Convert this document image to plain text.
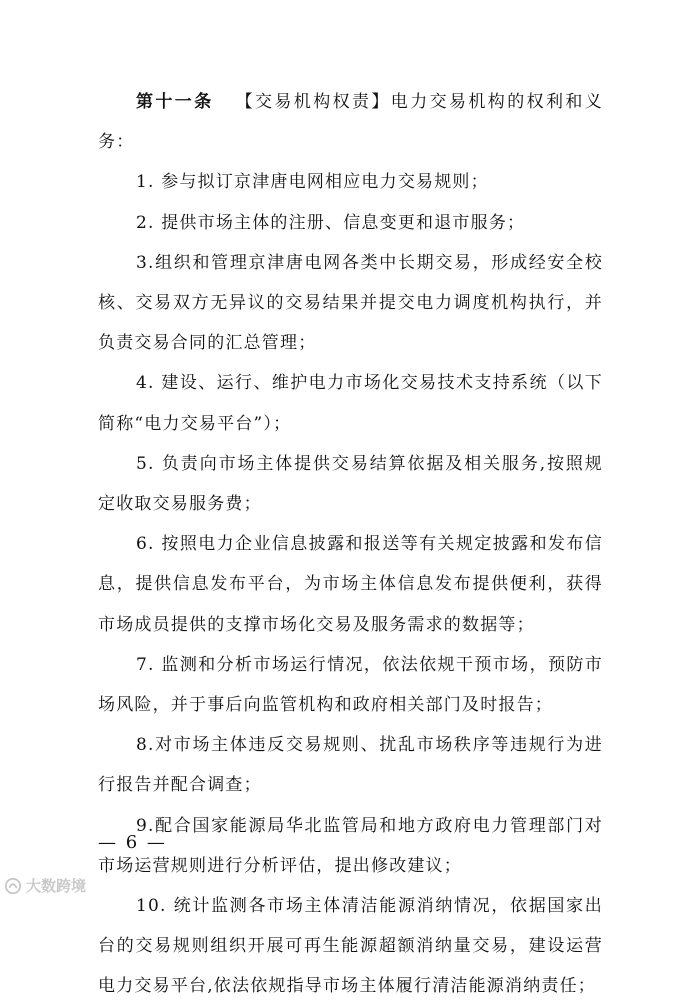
第十一条 【交易机构权责】电力交易机构的权利和义务：

1. 参与拟订京津唐电网相应电力交易规则；

2. 提供市场主体的注册、信息变更和退市服务；

3.组织和管理京津唐电网各类中长期交易，形成经安全校核、交易双方无异议的交易结果并提交电力调度机构执行，并负责交易合同的汇总管理；

4. 建设、运行、维护电力市场化交易技术支持系统（以下简称“电力交易平台”）；

5. 负责向市场主体提供交易结算依据及相关服务,按照规定收取交易服务费；

6. 按照电力企业信息披露和报送等有关规定披露和发布信息，提供信息发布平台，为市场主体信息发布提供便利，获得市场成员提供的支撑市场化交易及服务需求的数据等；

7. 监测和分析市场运行情况，依法依规干预市场，预防市场风险，并于事后向监管机构和政府相关部门及时报告；

8.对市场主体违反交易规则、扰乱市场秩序等违规行为进行报告并配合调查；

9.配合国家能源局华北监管局和地方政府电力管理部门对市场运营规则进行分析评估，提出修改建议；

10. 统计监测各市场主体清洁能源消纳情况，依据国家出台的交易规则组织开展可再生能源超额消纳量交易，建设运营电力交易平台,依法依规指导市场主体履行清洁能源消纳责任；

— 6 —
大数跨境
